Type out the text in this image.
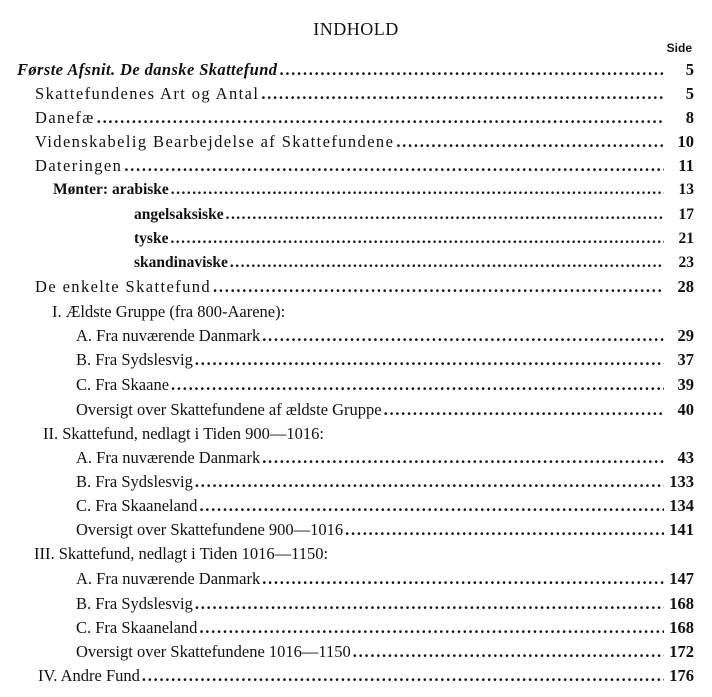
INDHOLD
Side
Første Afsnit. De danske Skattefund . . .	5
Skattefundenes Art og Antal . . .	5
Danefæ . . .	8
Videnskabelig Bearbejdelse af Skattefundene . . .	10
Dateringen . . .	11
Mønter: arabiske . . .	13
angelsaksiske . . .	17
tyske . . .	21
skandinaviske . . .	23
De enkelte Skattefund . . .	28
I. Ældste Gruppe (fra 800-Aarene):
A. Fra nuværende Danmark . . .	29
B. Fra Sydslesvig . . .	37
C. Fra Skaane . . .	39
Oversigt over Skattefundene af ældste Gruppe . . .	40
II. Skattefund, nedlagt i Tiden 900—1016:
A. Fra nuværende Danmark . . .	43
B. Fra Sydslesvig . . .	133
C. Fra Skaaneland . . .	134
Oversigt over Skattefundene 900—1016 . . .	141
III. Skattefund, nedlagt i Tiden 1016—1150:
A. Fra nuværende Danmark . . .	147
B. Fra Sydslesvig . . .	168
C. Fra Skaaneland . . .	168
Oversigt over Skattefundene 1016—1150 . . .	172
IV. Andre Fund . . .	176
